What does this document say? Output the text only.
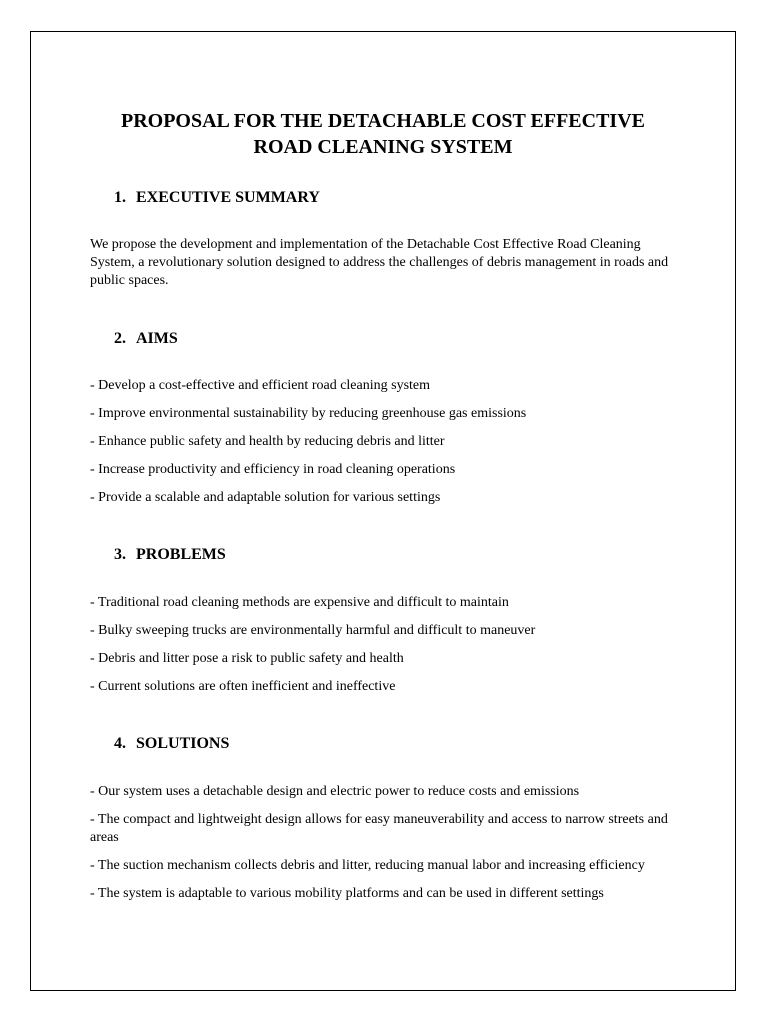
PROPOSAL FOR THE DETACHABLE COST EFFECTIVE
ROAD CLEANING SYSTEM
1. EXECUTIVE SUMMARY

We propose the development and implementation of the Detachable Cost Effective Road Cleaning System, a revolutionary solution designed to address the challenges of debris management in roads and public spaces.

2. AIMS

- Develop a cost-effective and efficient road cleaning system

- Improve environmental sustainability by reducing greenhouse gas emissions

- Enhance public safety and health by reducing debris and litter

- Increase productivity and efficiency in road cleaning operations

- Provide a scalable and adaptable solution for various settings

3. PROBLEMS

- Traditional road cleaning methods are expensive and difficult to maintain

- Bulky sweeping trucks are environmentally harmful and difficult to maneuver

- Debris and litter pose a risk to public safety and health

- Current solutions are often inefficient and ineffective

4. SOLUTIONS

- Our system uses a detachable design and electric power to reduce costs and emissions

- The compact and lightweight design allows for easy maneuverability and access to narrow streets and areas

- The suction mechanism collects debris and litter, reducing manual labor and increasing efficiency

- The system is adaptable to various mobility platforms and can be used in different settings
